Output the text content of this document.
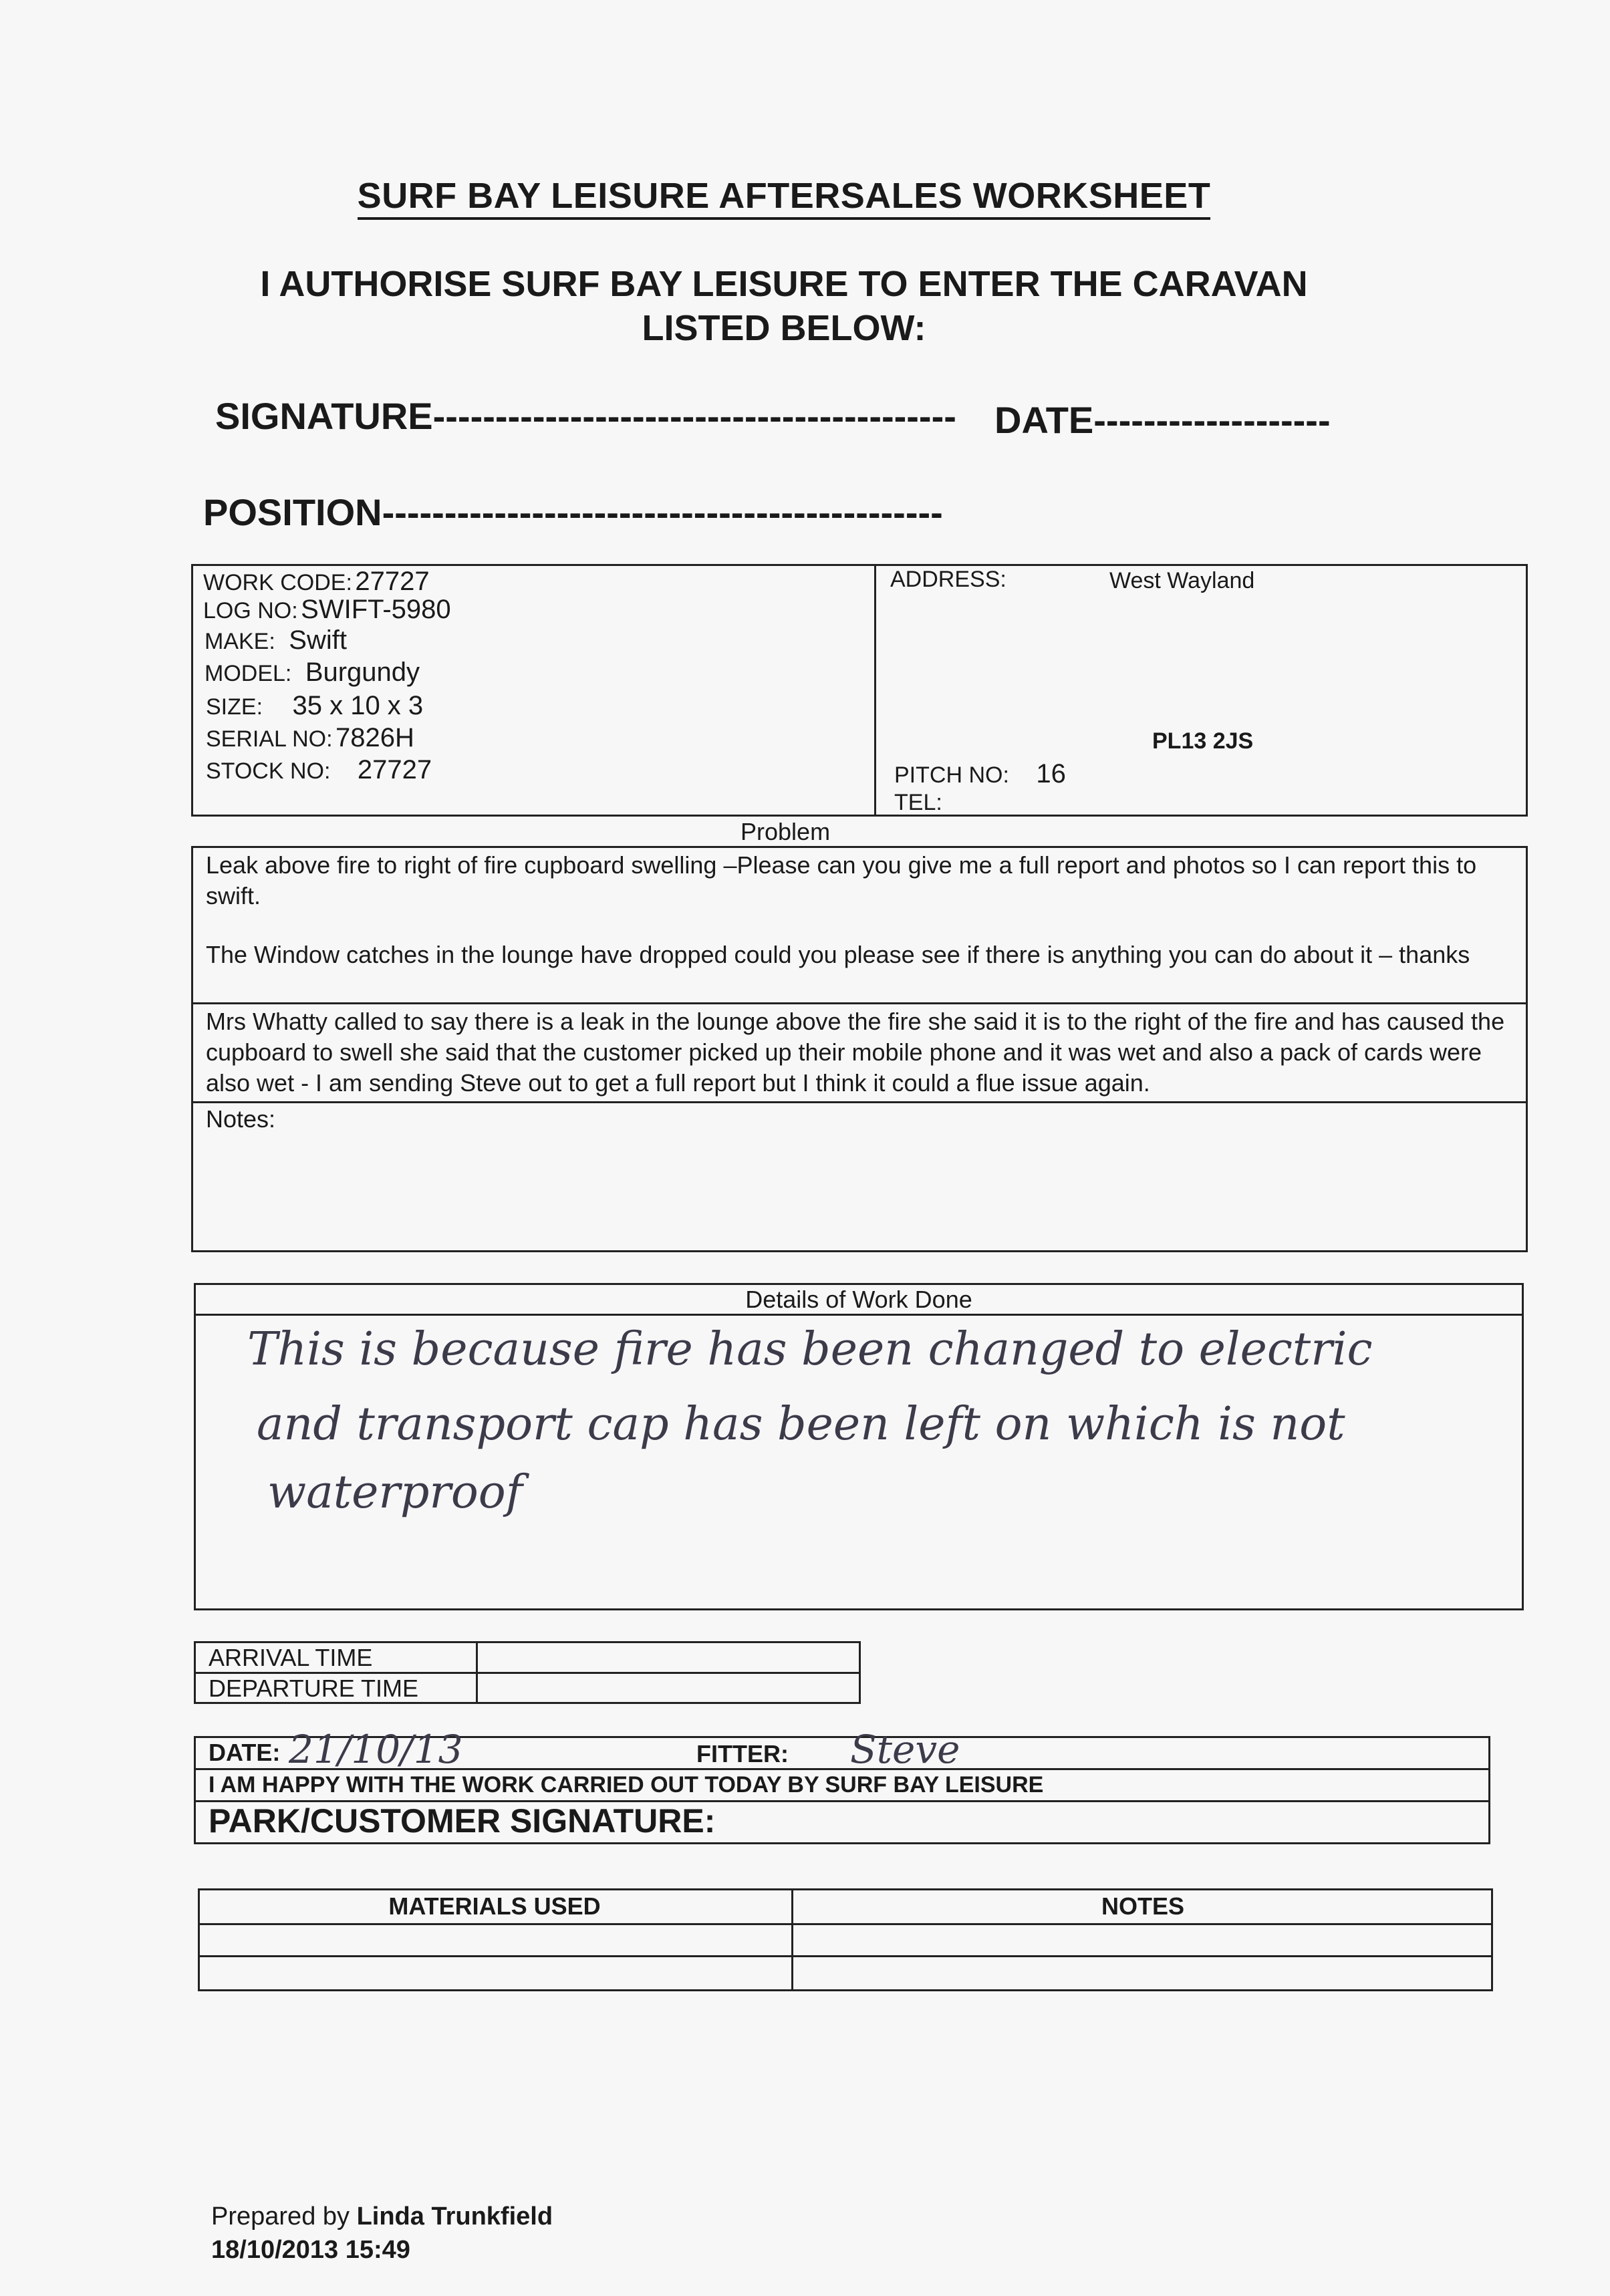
SURF BAY LEISURE AFTERSALES WORKSHEET
I AUTHORISE SURF BAY LEISURE TO ENTER THE CARAVAN
LISTED BELOW:
SIGNATURE------------------------------------------ DATE-------------------
POSITION---------------------------------------------
WORK CODE: 27727
LOG NO: SWIFT-5980
MAKE: Swift
MODEL: Burgundy
SIZE: 35 x 10 x 3
SERIAL NO: 7826H
STOCK NO: 27727
ADDRESS:	West Wayland
PL13 2JS
PITCH NO: 16
TEL:
Problem
Leak above fire to right of fire cupboard swelling –Please can you give me a full report and photos so I can report this to swift.
The Window catches in the lounge have dropped could you please see if there is anything you can do about it – thanks
Mrs Whatty called to say there is a leak in the lounge above the fire she said it is to the right of the fire and has caused the cupboard to swell she said that the customer picked up their mobile phone and it was wet and also a pack of cards were also wet - I am sending Steve out to get a full report but I think it could a flue issue again.
Notes:
Details of Work Done
This is because fire has been changed to electric
and transport cap has been left on which is not
waterproof
ARRIVAL TIME
DEPARTURE TIME
DATE: 21/10/13	FITTER: Steve
I AM HAPPY WITH THE WORK CARRIED OUT TODAY BY SURF BAY LEISURE
PARK/CUSTOMER SIGNATURE:
MATERIALS USED	NOTES
Prepared by Linda Trunkfield
18/10/2013 15:49
